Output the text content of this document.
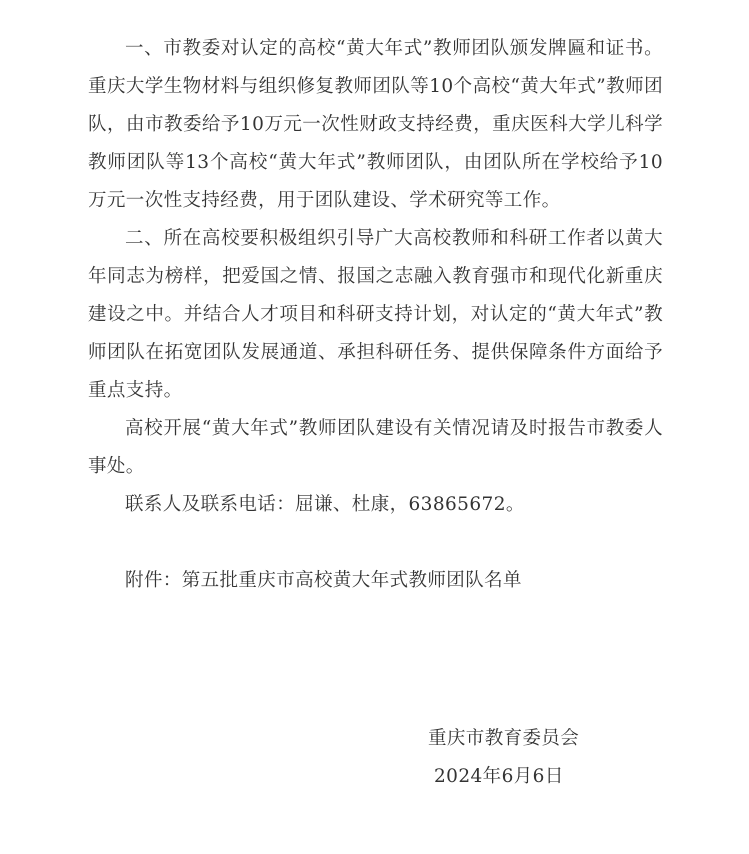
一、市教委对认定的高校“黄大年式”教师团队颁发牌匾和证书。重庆大学生物材料与组织修复教师团队等10个高校“黄大年式”教师团队，由市教委给予10万元一次性财政支持经费，重庆医科大学儿科学教师团队等13个高校“黄大年式”教师团队，由团队所在学校给予10万元一次性支持经费，用于团队建设、学术研究等工作。

二、所在高校要积极组织引导广大高校教师和科研工作者以黄大年同志为榜样，把爱国之情、报国之志融入教育强市和现代化新重庆建设之中。并结合人才项目和科研支持计划，对认定的“黄大年式”教师团队在拓宽团队发展通道、承担科研任务、提供保障条件方面给予重点支持。

高校开展“黄大年式”教师团队建设有关情况请及时报告市教委人事处。

联系人及联系电话：屈谦、杜康，63865672。

附件：第五批重庆市高校黄大年式教师团队名单

重庆市教育委员会
2024年6月6日
